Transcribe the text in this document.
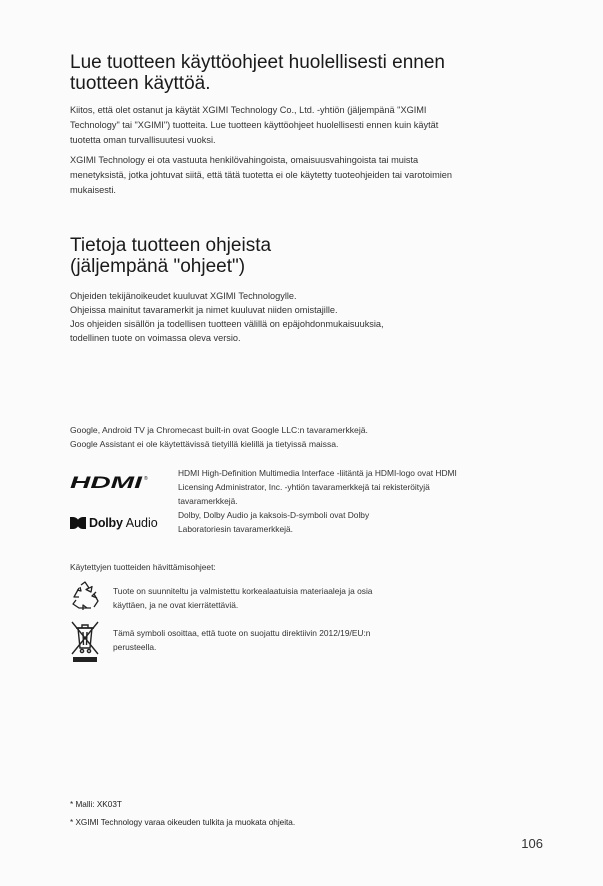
Lue tuotteen käyttöohjeet huolellisesti ennen
tuotteen käyttöä.

Kiitos, että olet ostanut ja käytät XGIMI Technology Co., Ltd. -yhtiön (jäljempänä "XGIMI
Technology" tai "XGIMI") tuotteita. Lue tuotteen käyttöohjeet huolellisesti ennen kuin käytät
tuotetta oman turvallisuutesi vuoksi.

XGIMI Technology ei ota vastuuta henkilövahingoista, omaisuusvahingoista tai muista
menetyksistä, jotka johtuvat siitä, että tätä tuotetta ei ole käytetty tuoteohjeiden tai varotoimien
mukaisesti.

Tietoja tuotteen ohjeista
(jäljempänä "ohjeet")

Ohjeiden tekijänoikeudet kuuluvat XGIMI Technologylle.
Ohjeissa mainitut tavaramerkit ja nimet kuuluvat niiden omistajille.
Jos ohjeiden sisällön ja todellisen tuotteen välillä on epäjohdonmukaisuuksia,
todellinen tuote on voimassa oleva versio.

Google, Android TV ja Chromecast built-in ovat Google LLC:n tavaramerkkejä.
Google Assistant ei ole käytettävissä tietyillä kielillä ja tietyissä maissa.
HDMI ®
Dolby Audio
HDMI High-Definition Multimedia Interface -liitäntä ja HDMI-logo ovat HDMI
Licensing Administrator, Inc. -yhtiön tavaramerkkejä tai rekisteröityjä
tavaramerkkejä.
Dolby, Dolby Audio ja kaksois-D-symboli ovat Dolby
Laboratoriesin tavaramerkkejä.
Käytettyjen tuotteiden hävittämisohjeet:
Tuote on suunniteltu ja valmistettu korkealaatuisia materiaaleja ja osia
käyttäen, ja ne ovat kierrätettäviä.
Tämä symboli osoittaa, että tuote on suojattu direktiivin 2012/19/EU:n
perusteella.
* Malli: XK03T
* XGIMI Technology varaa oikeuden tulkita ja muokata ohjeita.
106
